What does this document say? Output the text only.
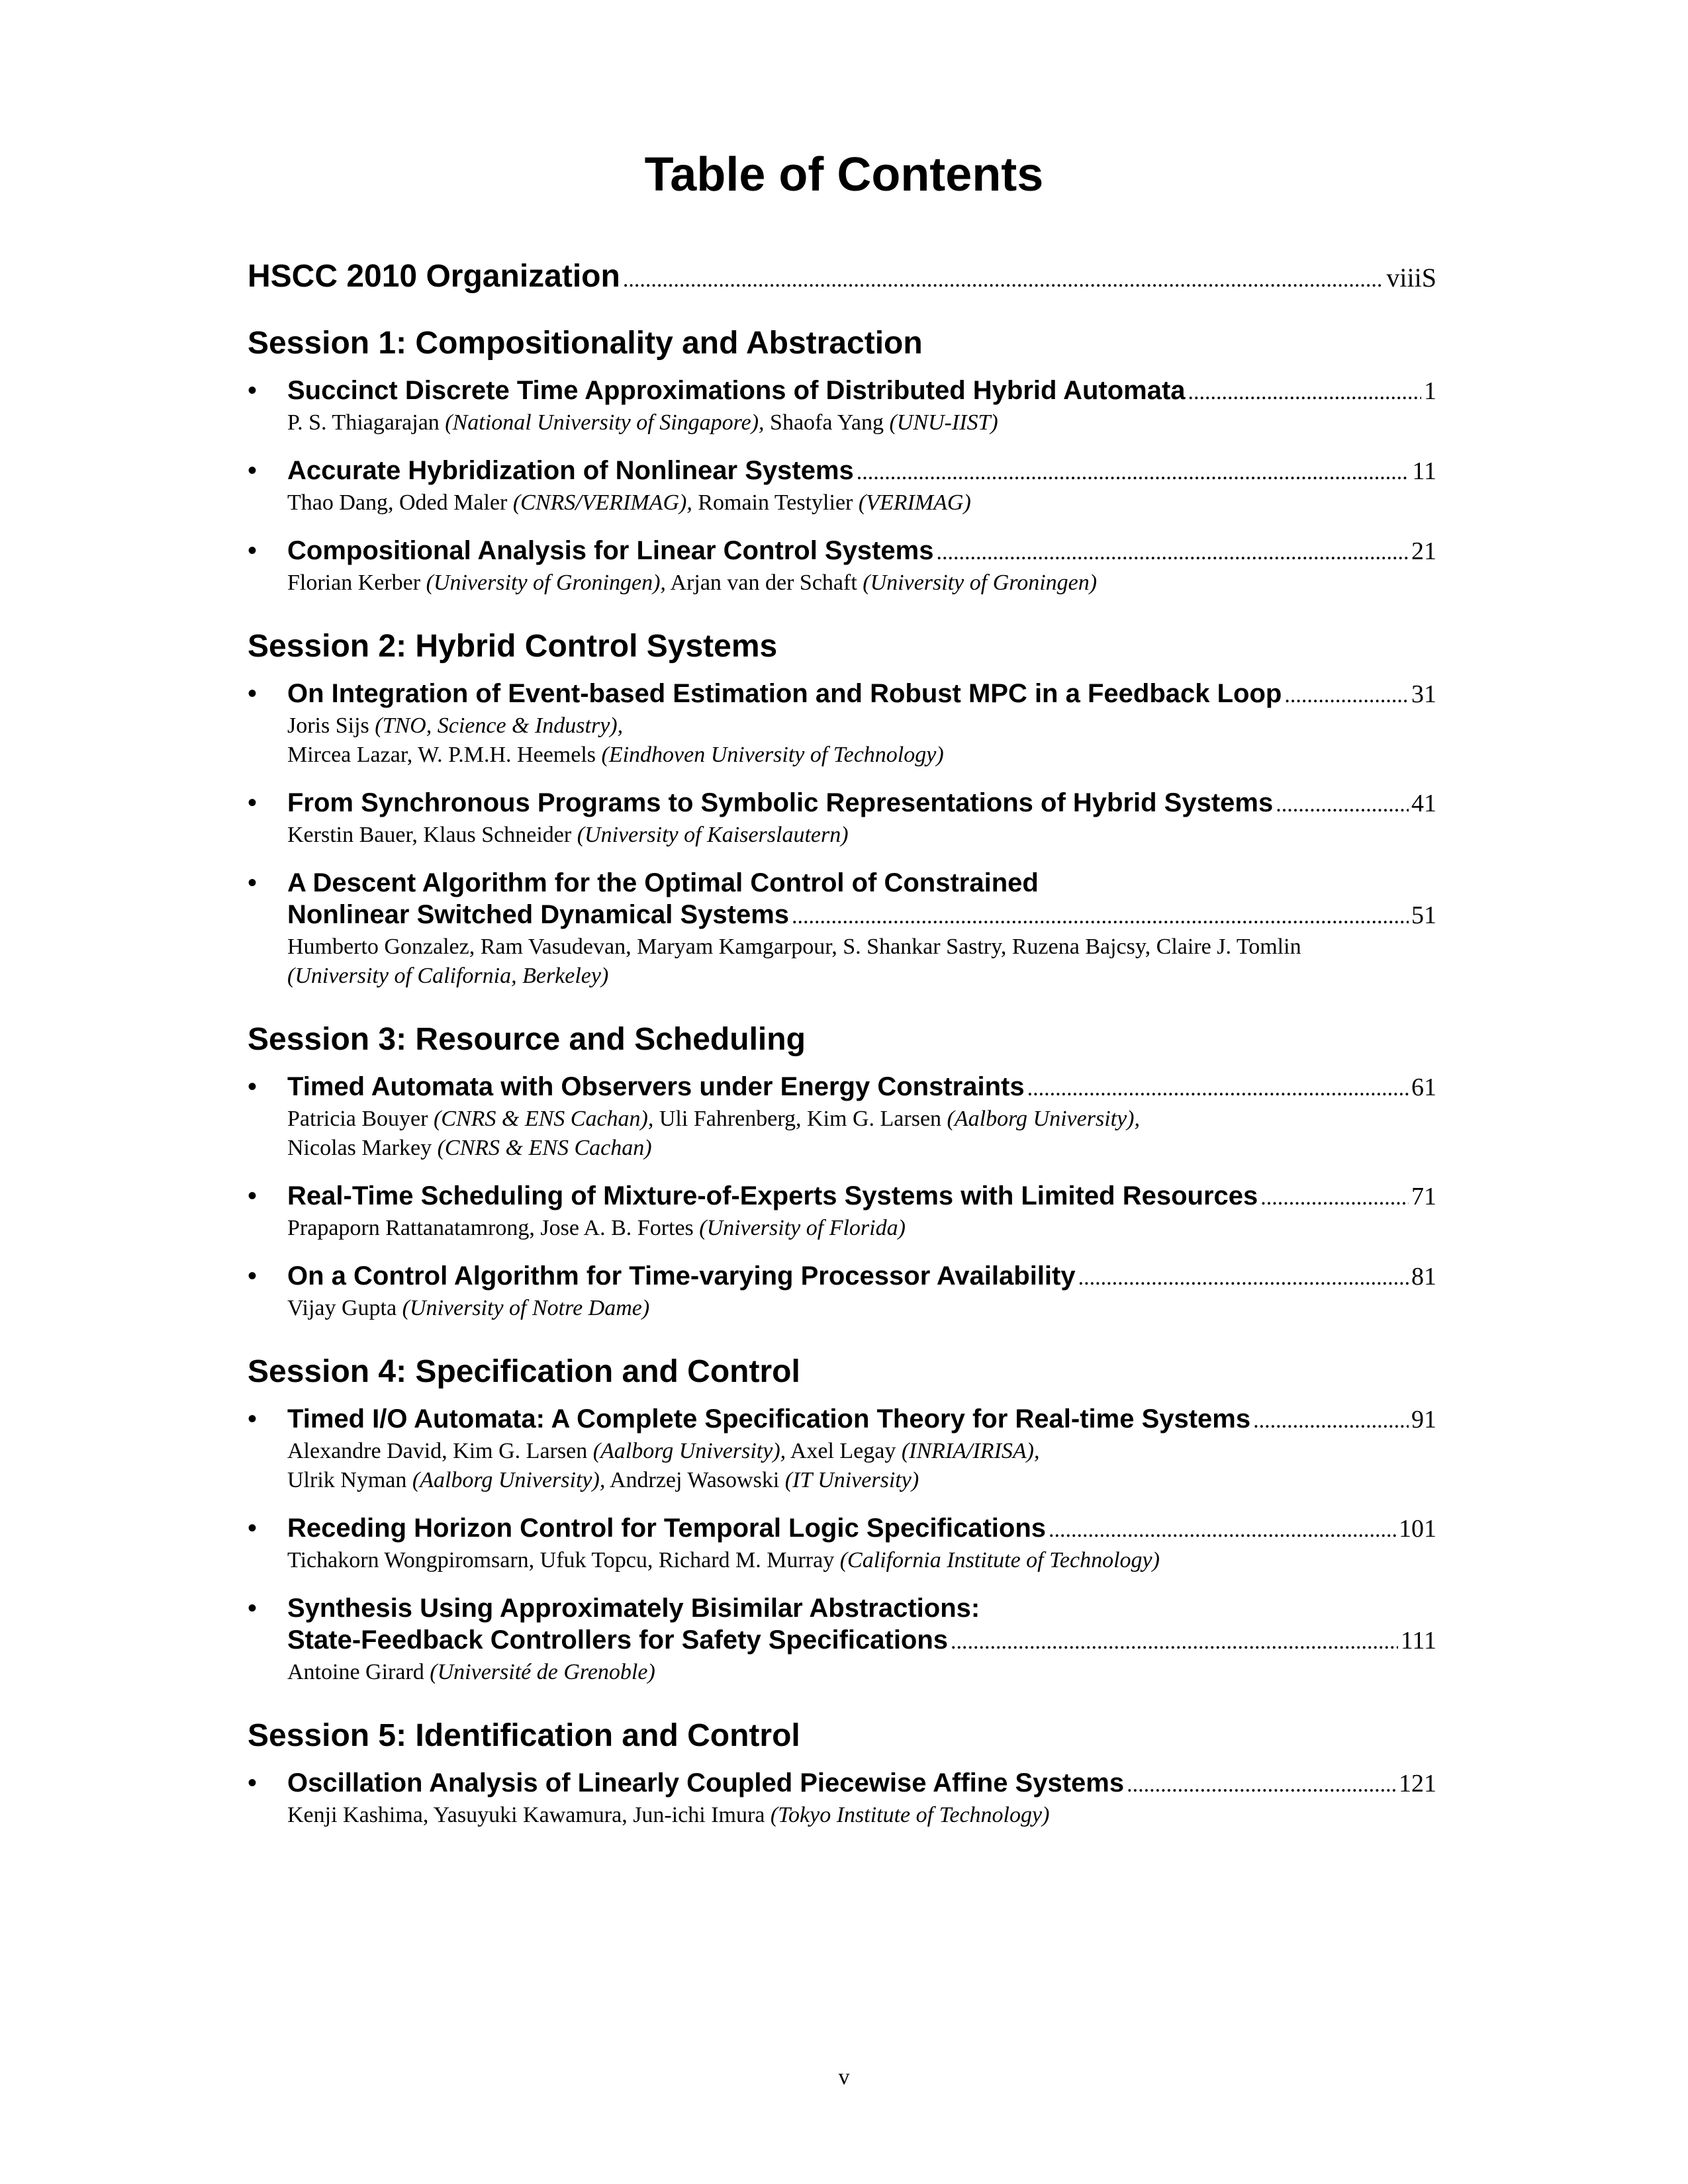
Table of Contents
HSCC 2010 Organization .....	viiiS
Session 1: Compositionality and Abstraction
• Succinct Discrete Time Approximations of Distributed Hybrid Automata .....	1
P. S. Thiagarajan (National University of Singapore), Shaofa Yang (UNU-IIST)
• Accurate Hybridization of Nonlinear Systems .....	11
Thao Dang, Oded Maler (CNRS/VERIMAG), Romain Testylier (VERIMAG)
• Compositional Analysis for Linear Control Systems .....	21
Florian Kerber (University of Groningen), Arjan van der Schaft (University of Groningen)
Session 2: Hybrid Control Systems
• On Integration of Event-based Estimation and Robust MPC in a Feedback Loop .....	31
Joris Sijs (TNO, Science & Industry),
Mircea Lazar, W. P.M.H. Heemels (Eindhoven University of Technology)
• From Synchronous Programs to Symbolic Representations of Hybrid Systems .....	41
Kerstin Bauer, Klaus Schneider (University of Kaiserslautern)
• A Descent Algorithm for the Optimal Control of Constrained
Nonlinear Switched Dynamical Systems .....	51
Humberto Gonzalez, Ram Vasudevan, Maryam Kamgarpour, S. Shankar Sastry, Ruzena Bajcsy, Claire J. Tomlin
(University of California, Berkeley)
Session 3: Resource and Scheduling
• Timed Automata with Observers under Energy Constraints .....	61
Patricia Bouyer (CNRS & ENS Cachan), Uli Fahrenberg, Kim G. Larsen (Aalborg University),
Nicolas Markey (CNRS & ENS Cachan)
• Real-Time Scheduling of Mixture-of-Experts Systems with Limited Resources .....	71
Prapaporn Rattanatamrong, Jose A. B. Fortes (University of Florida)
• On a Control Algorithm for Time-varying Processor Availability .....	81
Vijay Gupta (University of Notre Dame)
Session 4: Specification and Control
• Timed I/O Automata: A Complete Specification Theory for Real-time Systems .....	91
Alexandre David, Kim G. Larsen (Aalborg University), Axel Legay (INRIA/IRISA),
Ulrik Nyman (Aalborg University), Andrzej Wasowski (IT University)
• Receding Horizon Control for Temporal Logic Specifications .....	101
Tichakorn Wongpiromsarn, Ufuk Topcu, Richard M. Murray (California Institute of Technology)
• Synthesis Using Approximately Bisimilar Abstractions:
State-Feedback Controllers for Safety Specifications .....	111
Antoine Girard (Université de Grenoble)
Session 5: Identification and Control
• Oscillation Analysis of Linearly Coupled Piecewise Affine Systems .....	121
Kenji Kashima, Yasuyuki Kawamura, Jun-ichi Imura (Tokyo Institute of Technology)
v
